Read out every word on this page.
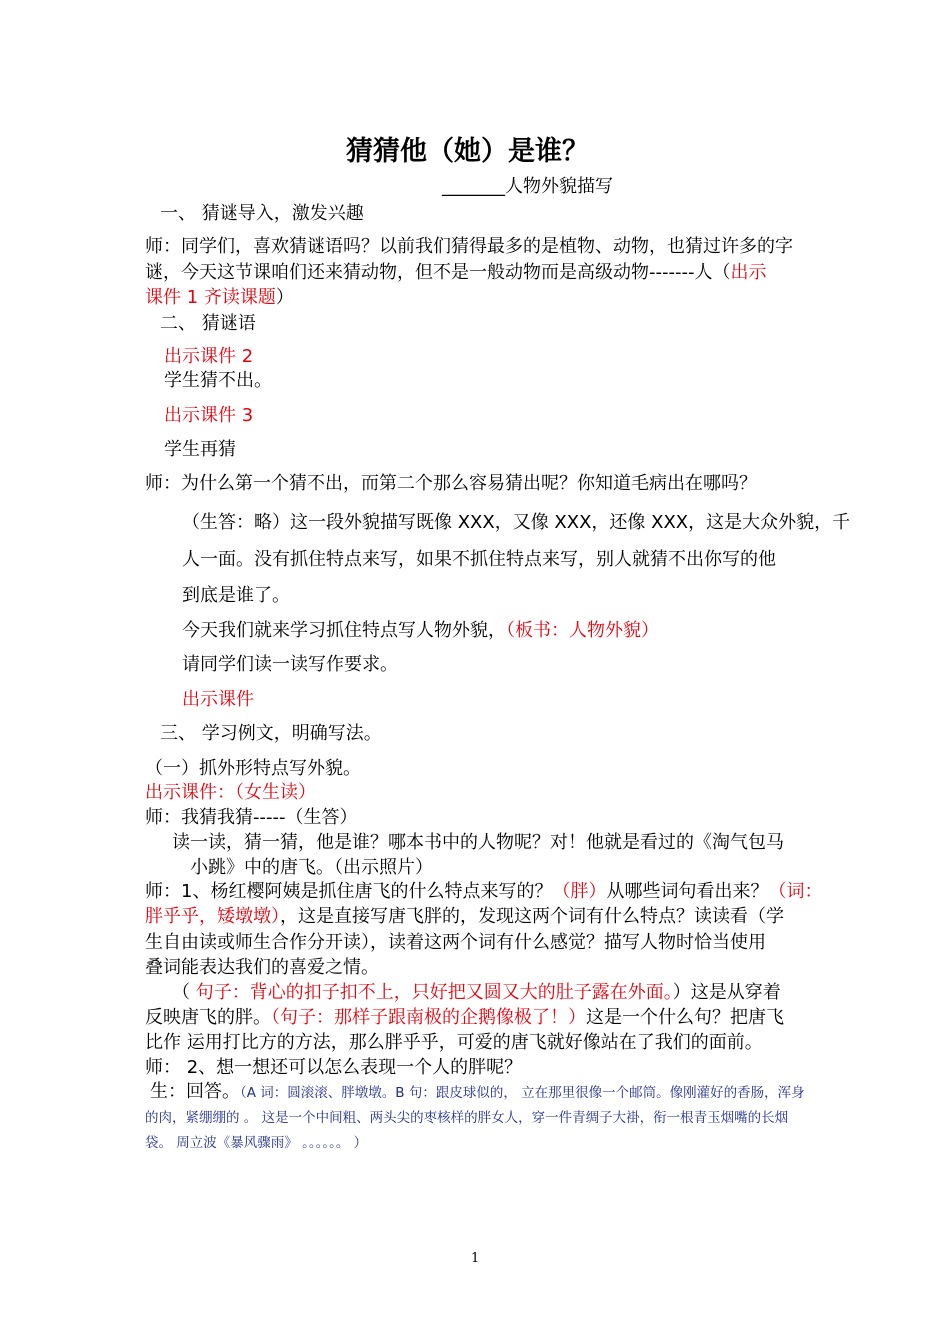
猜猜他（她）是谁？
_______人物外貌描写
一、 猜谜导入，激发兴趣
师：同学们，喜欢猜谜语吗？以前我们猜得最多的是植物、动物，也猜过许多的字
谜，今天这节课咱们还来猜动物，但不是一般动物而是高级动物-------人（出示
课件 1 齐读课题）
二、 猜谜语
出示课件 2
学生猜不出。
出示课件 3
学生再猜
师：为什么第一个猜不出，而第二个那么容易猜出呢？你知道毛病出在哪吗？
（生答：略）这一段外貌描写既像 XXX，又像 XXX，还像 XXX，这是大众外貌，千
人一面。没有抓住特点来写，如果不抓住特点来写，别人就猜不出你写的他
到底是谁了。
今天我们就来学习抓住特点写人物外貌，（板书：人物外貌）
请同学们读一读写作要求。
出示课件
三、 学习例文，明确写法。
（一）抓外形特点写外貌。
出示课件：（女生读）
师：我猜我猜-----（生答）
读一读，猜一猜，他是谁？哪本书中的人物呢？对！他就是看过的《淘气包马
小跳》中的唐飞。（出示照片）
师：1、杨红樱阿姨是抓住唐飞的什么特点来写的？（胖）从哪些词句看出来？（词：
胖乎乎，矮墩墩），这是直接写唐飞胖的，发现这两个词有什么特点？读读看（学
生自由读或师生合作分开读），读着这两个词有什么感觉？描写人物时恰当使用
叠词能表达我们的喜爱之情。
（ 句子：背心的扣子扣不上，只好把又圆又大的肚子露在外面。）这是从穿着
反映唐飞的胖。（句子：那样子跟南极的企鹅像极了！）这是一个什么句？把唐飞
比作 运用打比方的方法，那么胖乎乎，可爱的唐飞就好像站在了我们的面前。
师： 2、想一想还可以怎么表现一个人的胖呢？
生：回答。（A 词：圆滚滚、胖墩墩。B 句：跟皮球似的， 立在那里很像一个邮筒。像刚灌好的香肠，浑身
的肉，紧绷绷的 。 这是一个中间粗、两头尖的枣核样的胖女人，穿一件青绸子大褂，衔一根青玉烟嘴的长烟
袋。 周立波《暴风骤雨》 。。。。。。 ）
1
